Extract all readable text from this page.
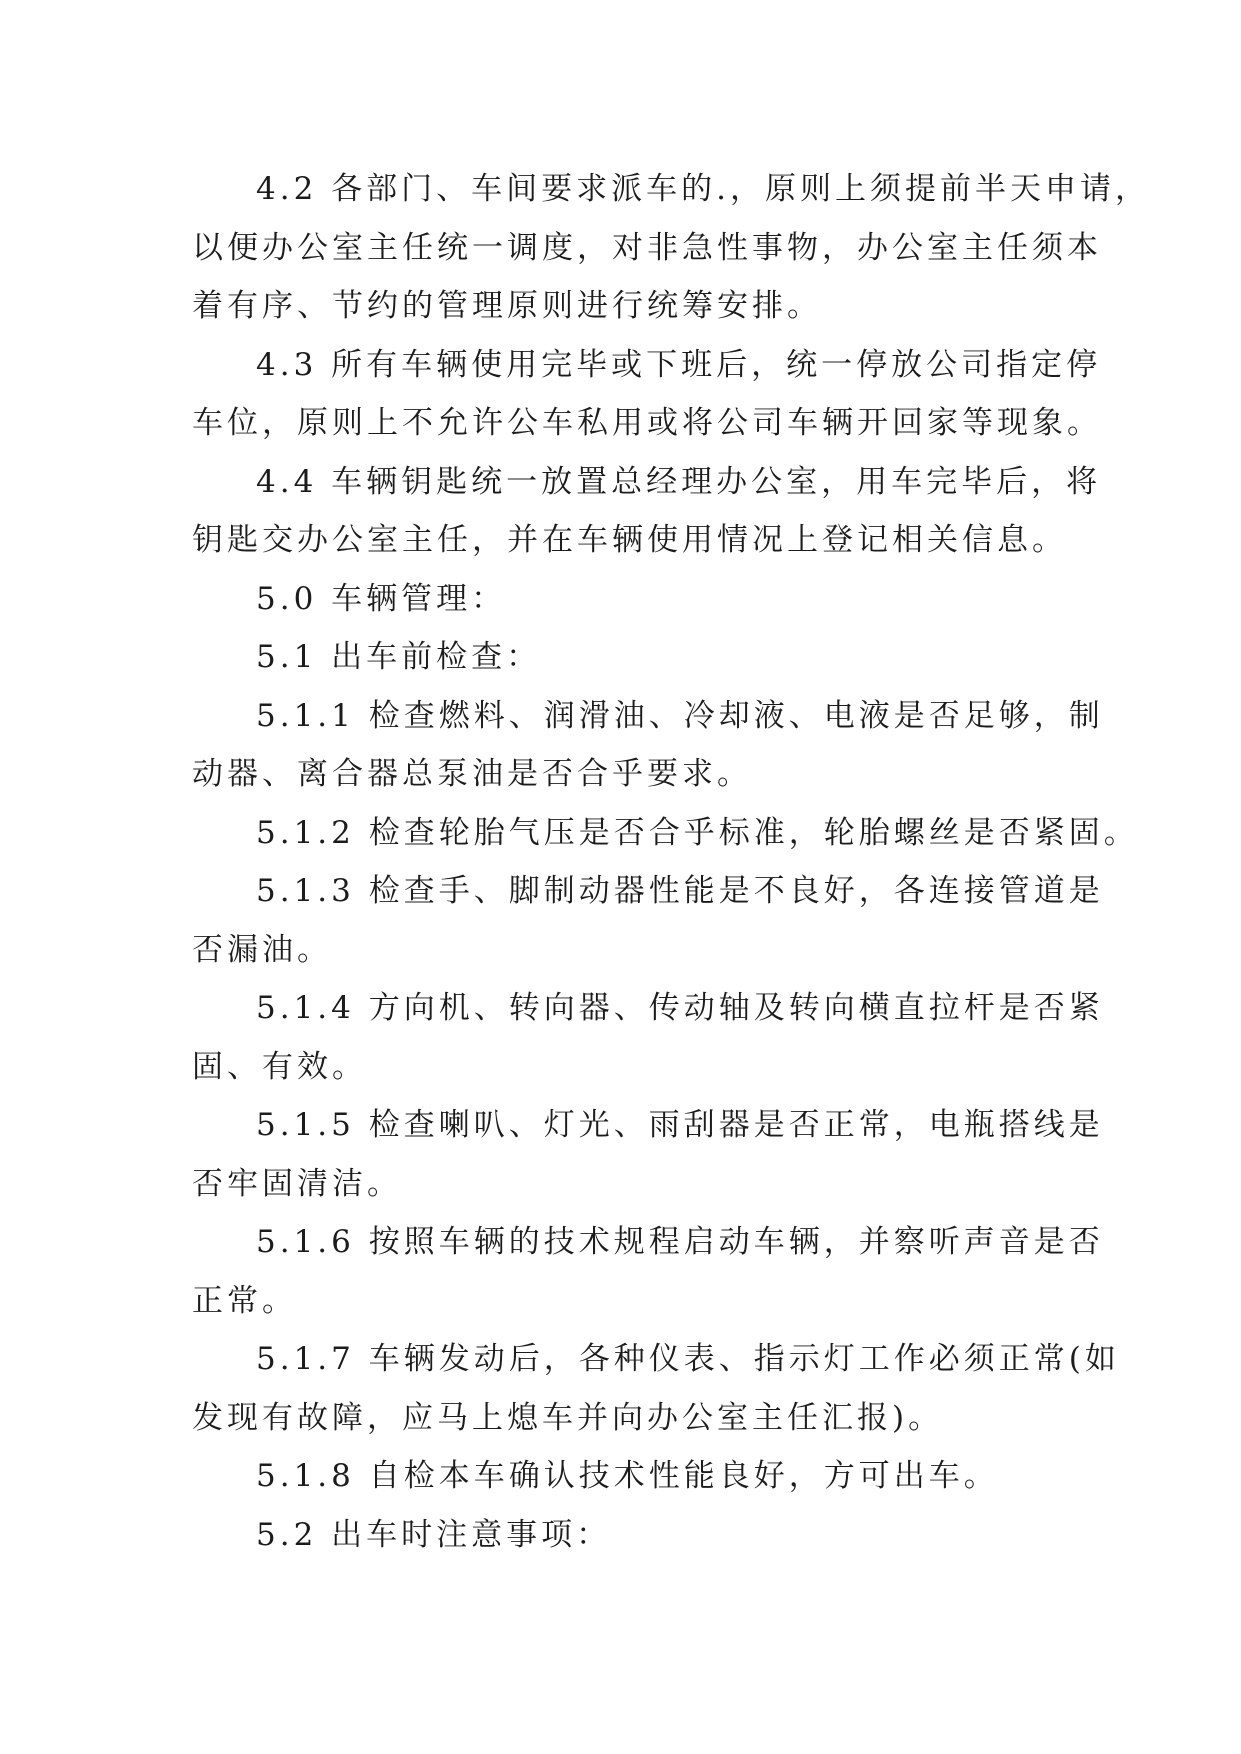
4.2 各部门、车间要求派车的.，原则上须提前半天申请，
以便办公室主任统一调度，对非急性事物，办公室主任须本
着有序、节约的管理原则进行统筹安排。

4.3 所有车辆使用完毕或下班后，统一停放公司指定停
车位，原则上不允许公车私用或将公司车辆开回家等现象。

4.4 车辆钥匙统一放置总经理办公室，用车完毕后，将
钥匙交办公室主任，并在车辆使用情况上登记相关信息。

5.0 车辆管理：

5.1 出车前检查：

5.1.1 检查燃料、润滑油、冷却液、电液是否足够，制
动器、离合器总泵油是否合乎要求。

5.1.2 检查轮胎气压是否合乎标准，轮胎螺丝是否紧固。

5.1.3 检查手、脚制动器性能是不良好，各连接管道是
否漏油。

5.1.4 方向机、转向器、传动轴及转向横直拉杆是否紧
固、有效。

5.1.5 检查喇叭、灯光、雨刮器是否正常，电瓶搭线是
否牢固清洁。

5.1.6 按照车辆的技术规程启动车辆，并察听声音是否
正常。

5.1.7 车辆发动后，各种仪表、指示灯工作必须正常(如
发现有故障，应马上熄车并向办公室主任汇报)。

5.1.8 自检本车确认技术性能良好，方可出车。

5.2 出车时注意事项：
